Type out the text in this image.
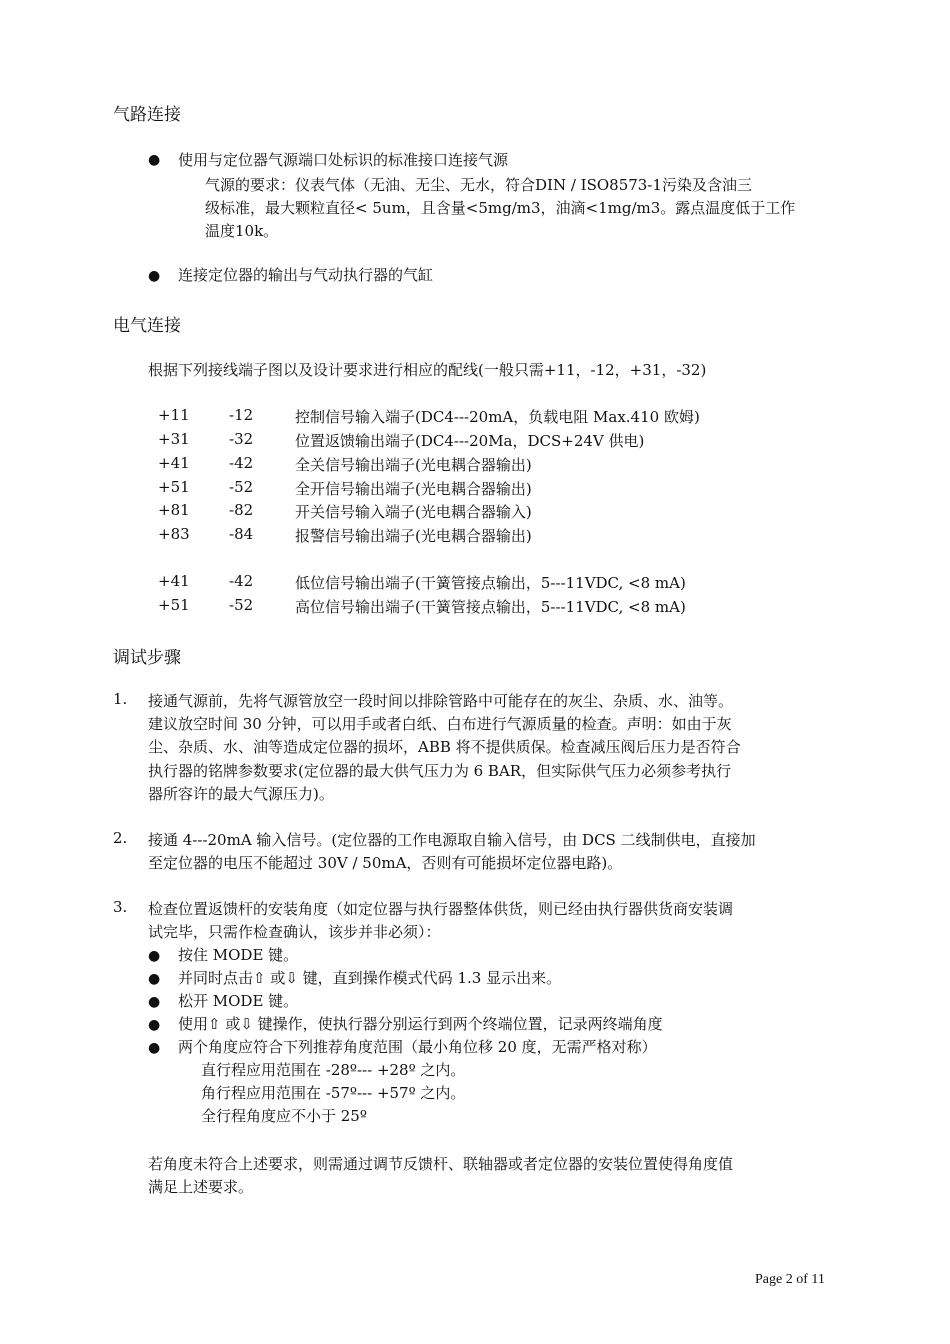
气路连接
● 使用与定位器气源端口处标识的标准接口连接气源
气源的要求：仪表气体（无油、无尘、无水，符合DIN / ISO8573-1污染及含油三
级标准，最大颗粒直径< 5um，且含量<5mg/m3，油滴<1mg/m3。露点温度低于工作
温度10k。
● 连接定位器的输出与气动执行器的气缸
电气连接
根据下列接线端子图以及设计要求进行相应的配线(一般只需+11，-12，+31，-32)
+11	-12	控制信号输入端子(DC4---20mA，负载电阻 Max.410 欧姆)
+31	-32	位置返馈输出端子(DC4---20Ma，DCS+24V 供电)
+41	-42	全关信号输出端子(光电耦合器输出)
+51	-52	全开信号输出端子(光电耦合器输出)
+81	-82	开关信号输入端子(光电耦合器输入)
+83	-84	报警信号输出端子(光电耦合器输出)
+41	-42	低位信号输出端子(干簧管接点输出，5---11VDC, <8 mA)
+51	-52	高位信号输出端子(干簧管接点输出，5---11VDC, <8 mA)
调试步骤
1. 接通气源前，先将气源管放空一段时间以排除管路中可能存在的灰尘、杂质、水、油等。
建议放空时间 30 分钟，可以用手或者白纸、白布进行气源质量的检查。声明：如由于灰
尘、杂质、水、油等造成定位器的损坏，ABB 将不提供质保。检查减压阀后压力是否符合
执行器的铭牌参数要求(定位器的最大供气压力为 6 BAR，但实际供气压力必须参考执行
器所容许的最大气源压力)。
2. 接通 4---20mA 输入信号。(定位器的工作电源取自输入信号，由 DCS 二线制供电，直接加
至定位器的电压不能超过 30V / 50mA，否则有可能损坏定位器电路)。
3. 检查位置返馈杆的安装角度（如定位器与执行器整体供货，则已经由执行器供货商安装调
试完毕，只需作检查确认，该步并非必须）：
● 按住 MODE 键。
● 并同时点击⇧ 或⇩ 键，直到操作模式代码 1.3 显示出来。
● 松开 MODE 键。
● 使用⇧ 或⇩ 键操作，使执行器分别运行到两个终端位置，记录两终端角度
● 两个角度应符合下列推荐角度范围（最小角位移 20 度，无需严格对称）
直行程应用范围在 -28º--- +28º 之内。
角行程应用范围在 -57º--- +57º 之内。
全行程角度应不小于 25º
若角度未符合上述要求，则需通过调节反馈杆、联轴器或者定位器的安装位置使得角度值
满足上述要求。
Page 2 of 11
